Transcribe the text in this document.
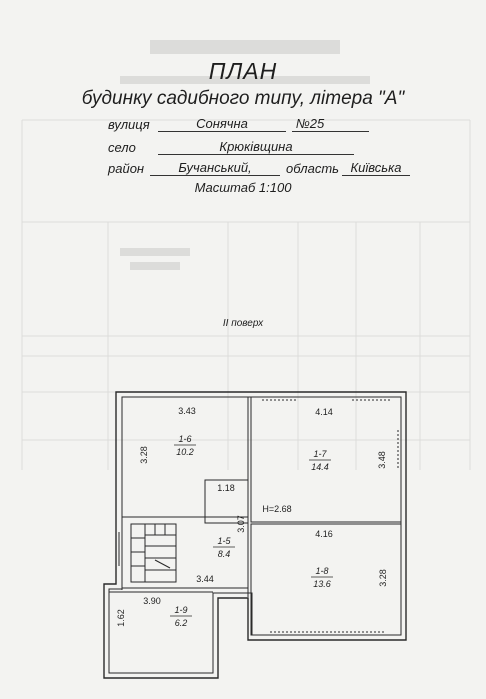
ПЛАН
будинку садибного типу, літера "А"
вулиця	Сонячна	№25
село	Крюківщина
район	Бучанський,	область Київська
Масштаб 1:100
II поверх
1-6
10.2	1-7
14.4
1-5
8.4
1-8
13.6
1-9
6.2
3.43
3.28
4.14
3.48
1.18
3.07
H=2.68
4.16
3.28
3.44
3.90
1.62
